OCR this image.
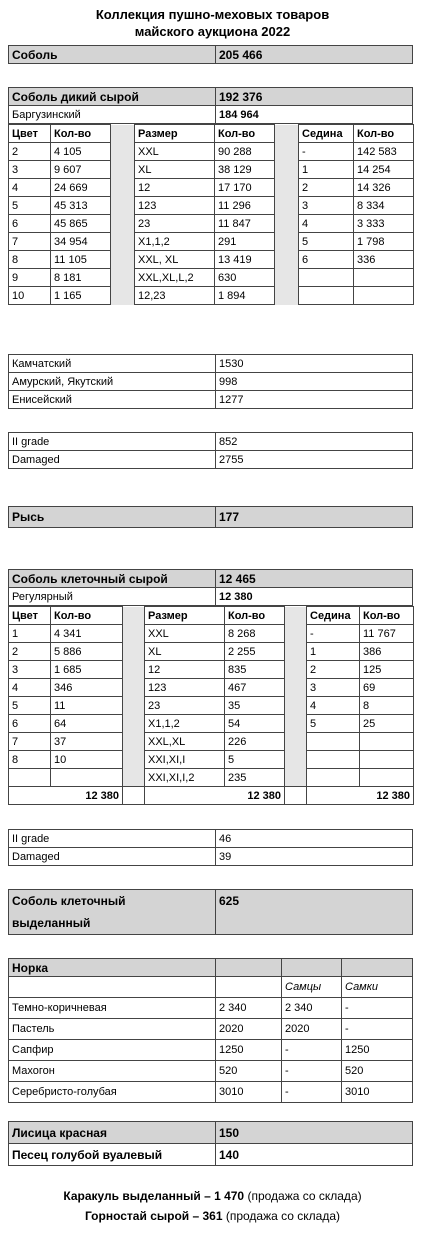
Коллекция пушно-меховых товаров
майского аукциона 2022
Соболь	205 466
Соболь дикий сырой	192 376
Баргузинский	184 964
Цвет	Кол-во		Размер	Кол-во		Седина	Кол-во
2	4 105		XXL	90 288		-	142 583
3	9 607		XL	38 129		1	14 254
4	24 669		12	17 170		2	14 326
5	45 313		123	11 296		3	8 334
6	45 865		23	11 847		4	3 333
7	34 954		X1,1,2	291		5	1 798
8	11 105		XXL, XL	13 419		6	336
9	8 181		XXL,XL,L,2	630			
10	1 165		12,23	1 894			
Камчатский	1530
Амурский, Якутский	998
Енисейский	1277
II grade	852
Damaged	2755
Рысь	177
Соболь клеточный сырой	12 465
Регулярный	12 380
Цвет	Кол-во		Размер	Кол-во		Седина	Кол-во
1	4 341		XXL	8 268		-	11 767
2	5 886		XL	2 255		1	386
3	1 685		12	835		2	125
4	346		123	467		3	69
5	11		23	35		4	8
6	64		X1,1,2	54		5	25
7	37		XXL,XL	226			
8	10		XXI,XI,I	5			
			XXI,XI,I,2	235			
12 380			12 380			12 380	
II grade	46
Damaged	39
Соболь клеточный
выделанный
	625
Норка			
		Самцы	Самки
Темно-коричневая	2 340	2 340	-
Пастель	2020	2020	-
Сапфир	1250	-	1250
Махогон	520	-	520
Серебристо-голубая	3010	-	3010
Лисица красная	150
Песец голубой вуалевый	140
Каракуль выделанный – 1 470 (продажа со склада)
Горностай сырой – 361 (продажа со склада)
